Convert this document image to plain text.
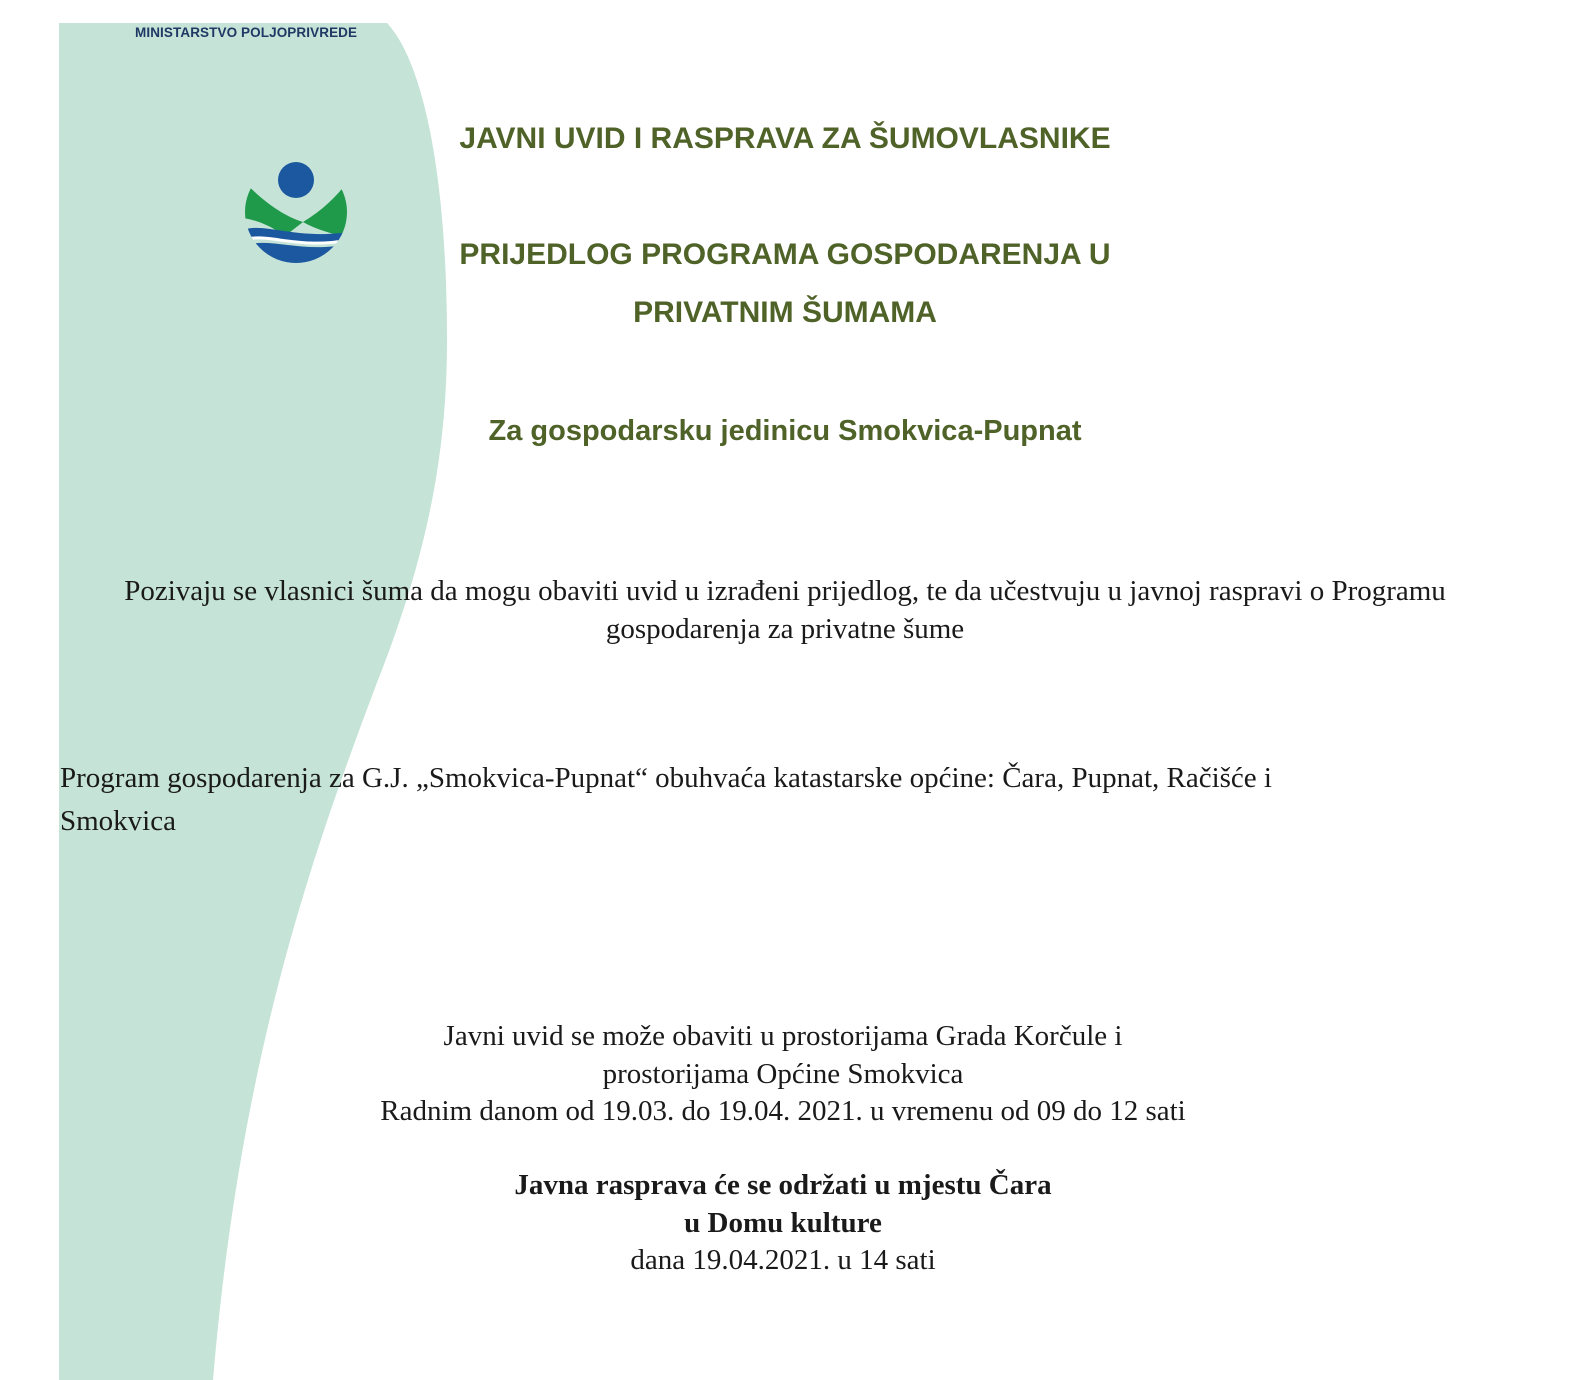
MINISTARSTVO POLJOPRIVREDE
JAVNI UVID I RASPRAVA ZA ŠUMOVLASNIKE
PRIJEDLOG PROGRAMA GOSPODARENJA U
PRIVATNIM ŠUMAMA
Za gospodarsku jedinicu Smokvica-Pupnat
Pozivaju se vlasnici šuma da mogu obaviti uvid u izrađeni prijedlog, te da učestvuju u javnoj raspravi o Programu
gospodarenja za privatne šume
Program gospodarenja za G.J. „Smokvica-Pupnat“ obuhvaća katastarske općine: Čara, Pupnat, Račišće i
Smokvica
Javni uvid se može obaviti u prostorijama Grada Korčule i
prostorijama Općine Smokvica
Radnim danom od 19.03. do 19.04. 2021. u vremenu od 09 do 12 sati
Javna rasprava će se održati u mjestu Čara
u Domu kulture
dana 19.04.2021. u 14 sati
